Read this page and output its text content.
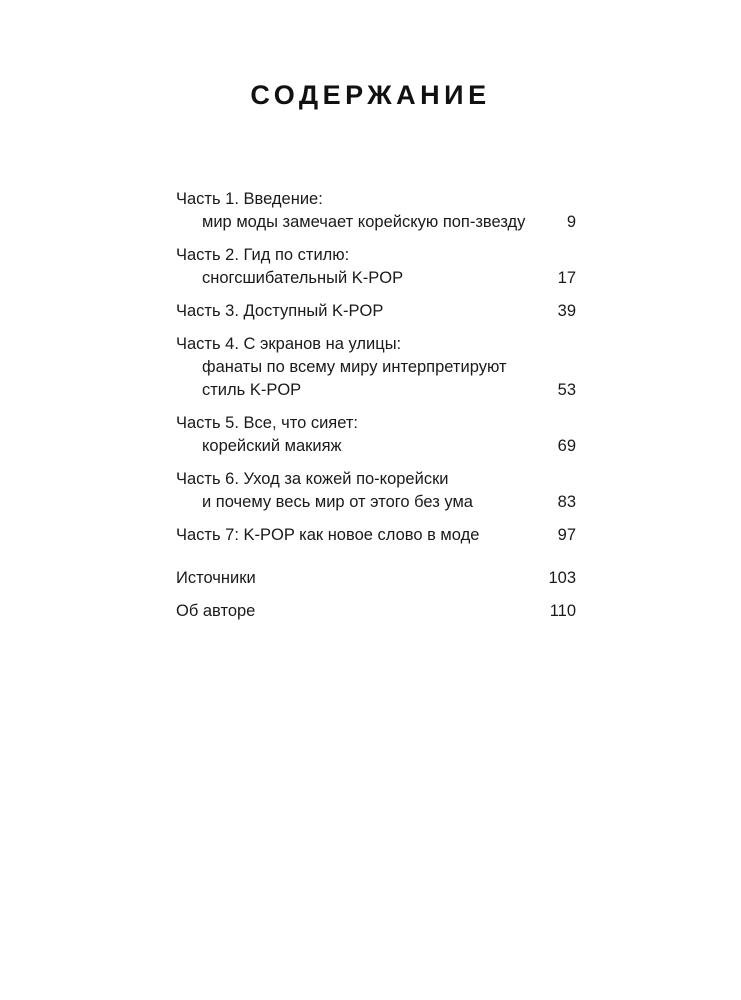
СОДЕРЖАНИЕ
Часть 1. Введение:
мир моды замечает корейскую поп-звезду	9
Часть 2. Гид по стилю:
сногсшибательный K-POP	17
Часть 3. Доступный K-POP	39
Часть 4. С экранов на улицы:
фанаты по всему миру интерпретируют
стиль K-POP	53
Часть 5. Все, что сияет:
корейский макияж	69
Часть 6. Уход за кожей по-корейски
и почему весь мир от этого без ума	83
Часть 7: K-POP как новое слово в моде	97
Источники	103
Об авторе	110
